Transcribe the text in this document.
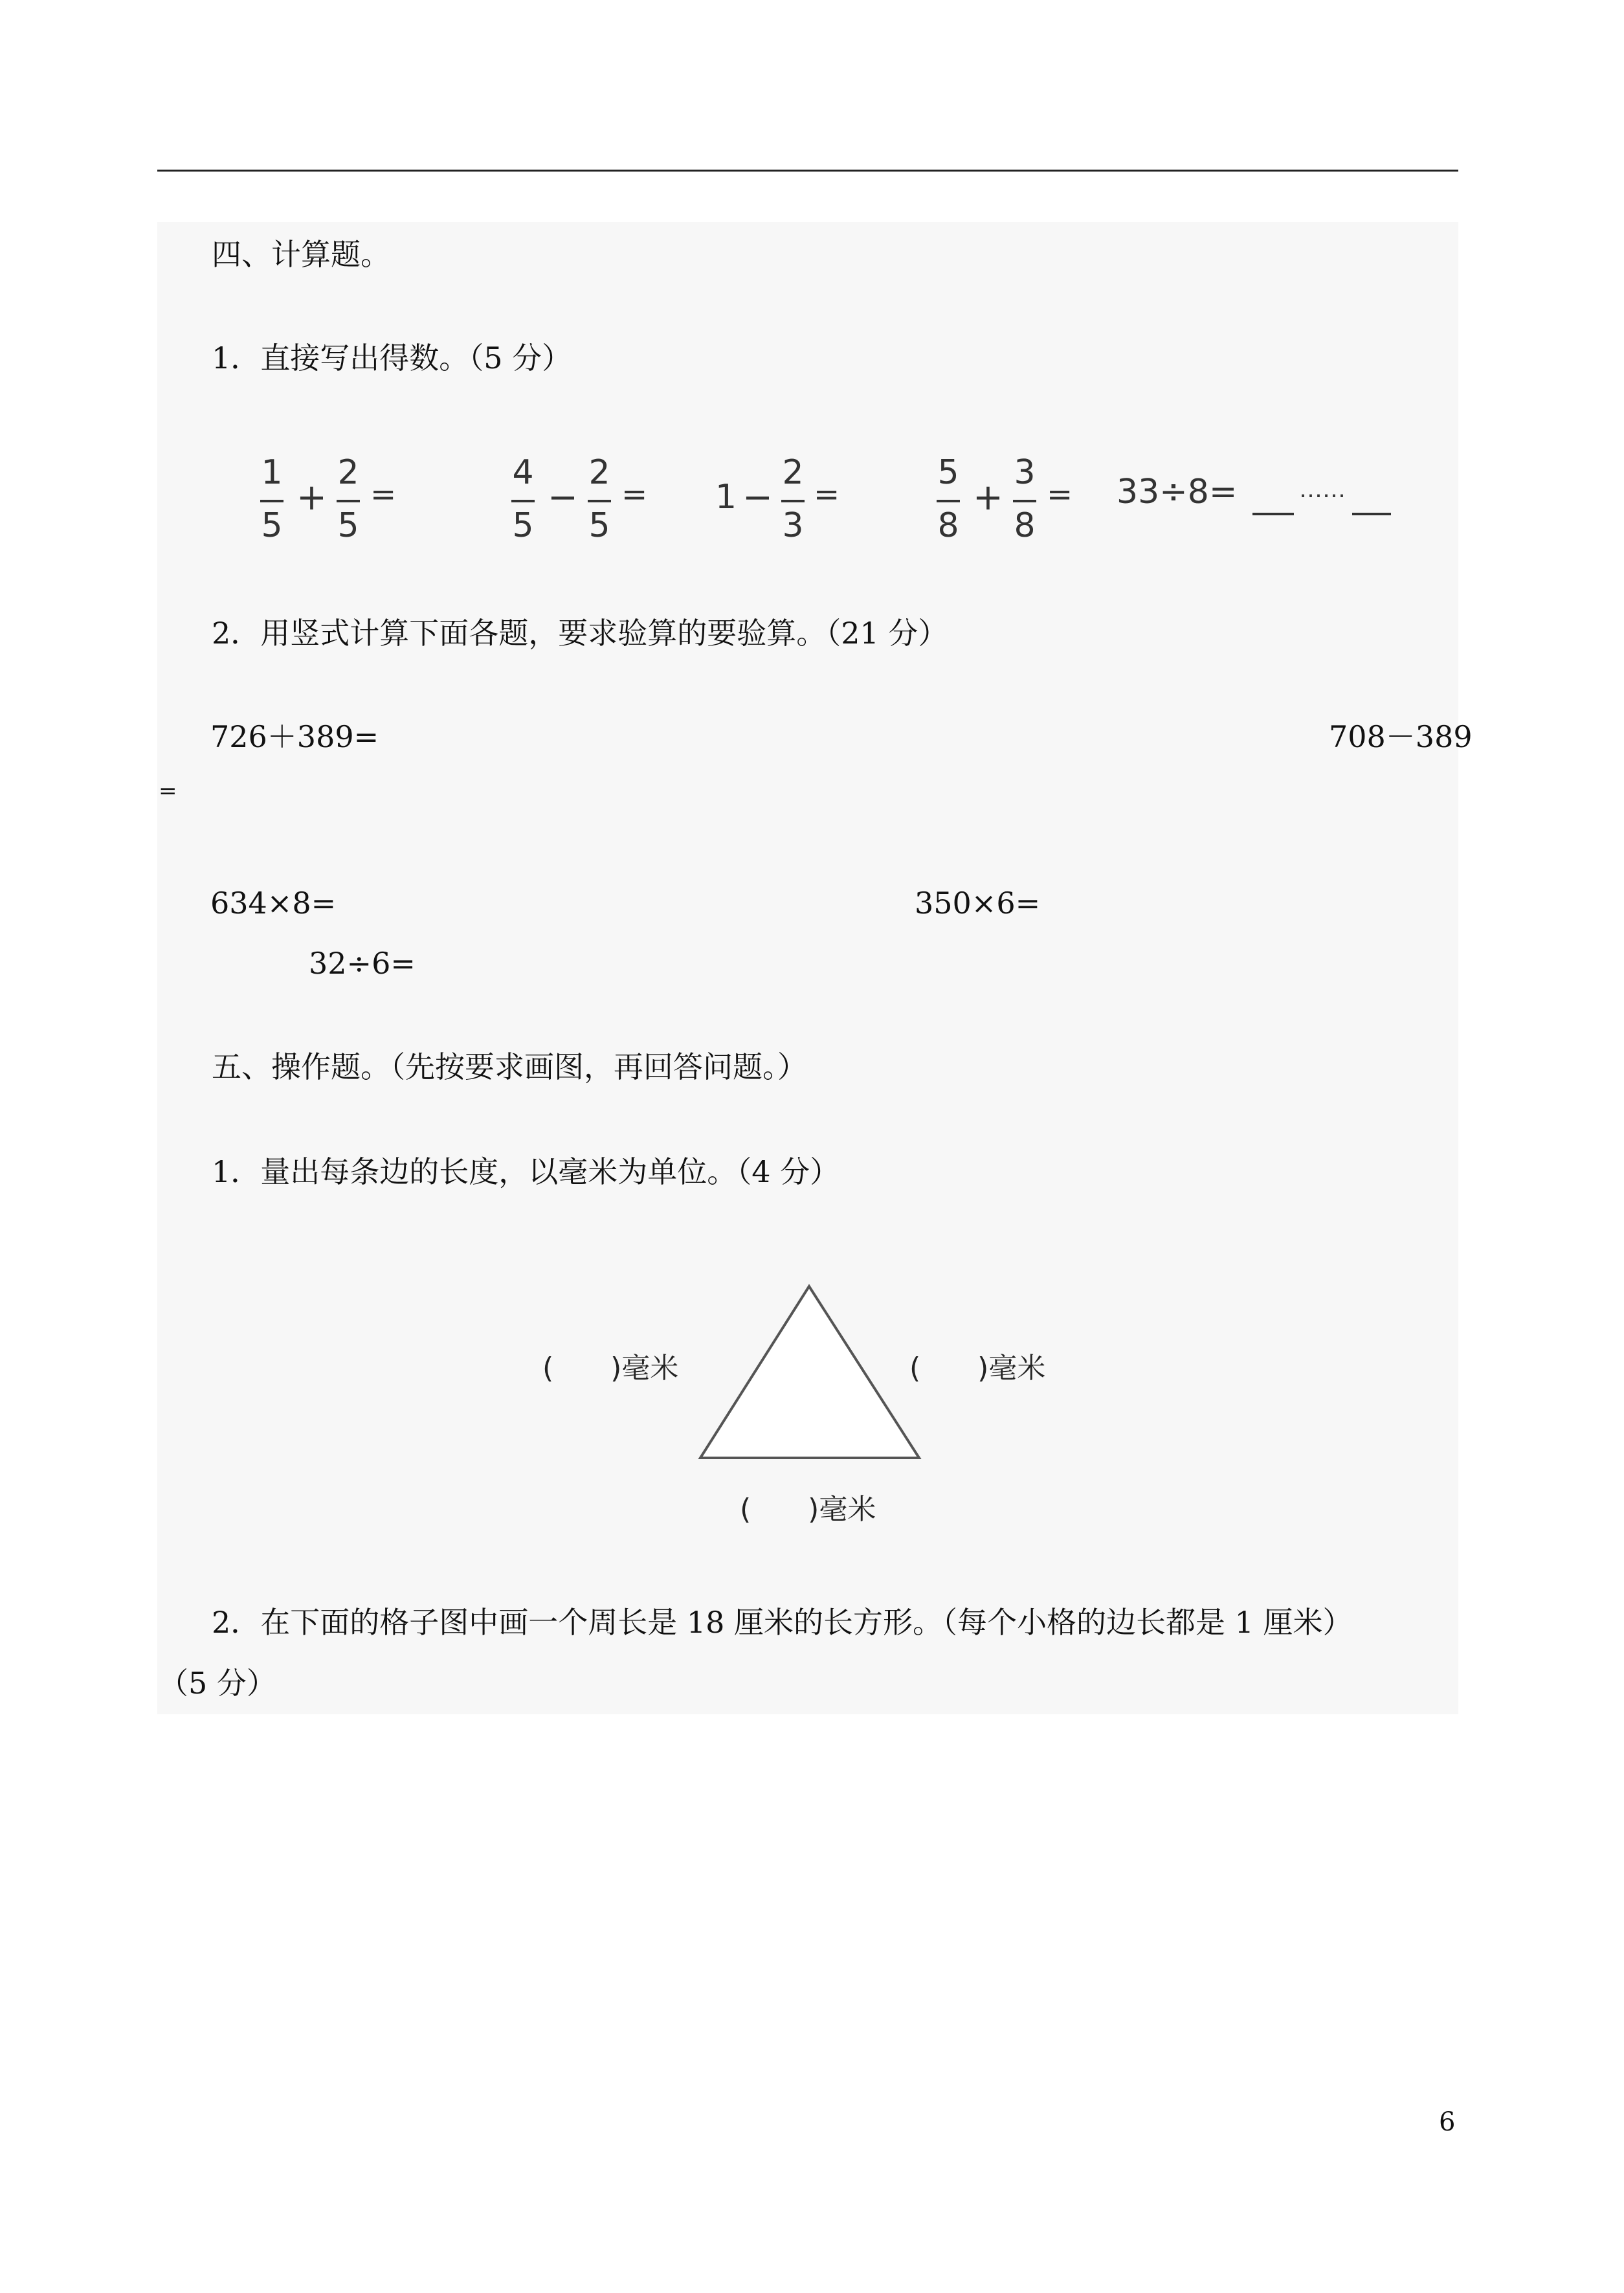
四、计算题。
1．直接写出得数。（5 分）
1
5
+
2
5
=
4
5
−
2
5
= 1 −
2
3
=
5
8
+
3
8
= 33÷8=	……
2．用竖式计算下面各题，要求验算的要验算。（21 分）
726＋389=	708－389
=
634×8=	350×6=
32÷6=
五、操作题。（先按要求画图，再回答问题。）
1．量出每条边的长度，以毫米为单位。（4 分）
(　　)毫米	(　　)毫米
(　　)毫米
2．在下面的格子图中画一个周长是 18 厘米的长方形。（每个小格的边长都是 1 厘米）
（5 分）
6
